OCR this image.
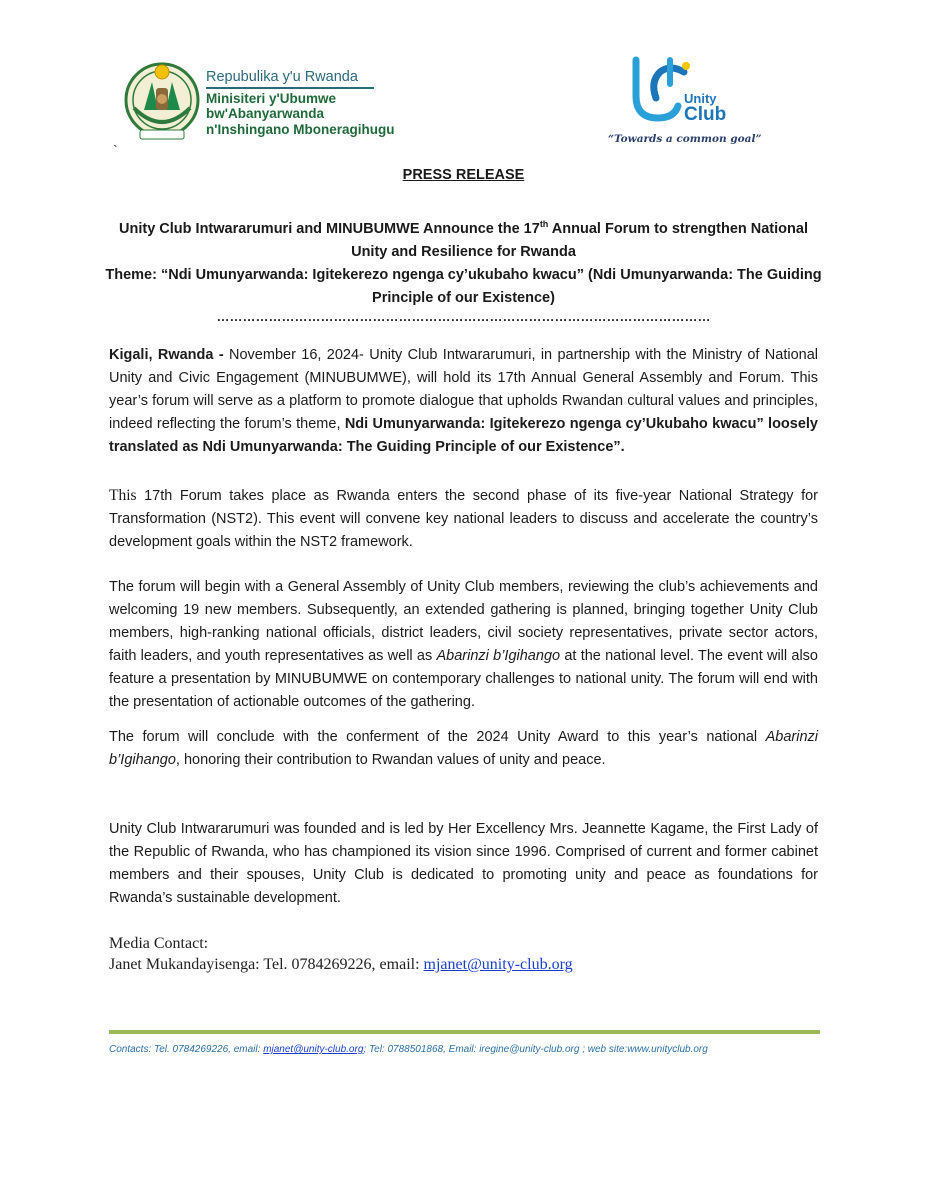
Repubulika y'u Rwanda
Minisiteri y'Ubumwe bw'Abanyarwanda
n'Inshingano Mboneragihugu
`
Unity
Club
“Towards a common goal”
PRESS RELEASE
Unity Club Intwararumuri and MINUBUMWE Announce the 17th Annual Forum to strengthen National Unity and Resilience for Rwanda
Theme: “Ndi Umunyarwanda: Igitekerezo ngenga cy’ukubaho kwacu” (Ndi Umunyarwanda: The Guiding Principle of our Existence)
……………………………………………………………………………………………………
Kigali, Rwanda - November 16, 2024- Unity Club Intwararumuri, in partnership with the Ministry of National Unity and Civic Engagement (MINUBUMWE), will hold its 17th Annual General Assembly and Forum. This year’s forum will serve as a platform to promote dialogue that upholds Rwandan cultural values and principles, indeed reflecting the forum’s theme, Ndi Umunyarwanda: Igitekerezo ngenga cy’Ukubaho kwacu” loosely translated as Ndi Umunyarwanda: The Guiding Principle of our Existence”.
This 17th Forum takes place as Rwanda enters the second phase of its five-year National Strategy for Transformation (NST2). This event will convene key national leaders to discuss and accelerate the country’s development goals within the NST2 framework.
The forum will begin with a General Assembly of Unity Club members, reviewing the club’s achievements and welcoming 19 new members. Subsequently, an extended gathering is planned, bringing together Unity Club members, high-ranking national officials, district leaders, civil society representatives, private sector actors, faith leaders, and youth representatives as well as Abarinzi b’Igihango at the national level. The event will also feature a presentation by MINUBUMWE on contemporary challenges to national unity. The forum will end with the presentation of actionable outcomes of the gathering.
The forum will conclude with the conferment of the 2024 Unity Award to this year’s national Abarinzi b’Igihango, honoring their contribution to Rwandan values of unity and peace.
Unity Club Intwararumuri was founded and is led by Her Excellency Mrs. Jeannette Kagame, the First Lady of the Republic of Rwanda, who has championed its vision since 1996. Comprised of current and former cabinet members and their spouses, Unity Club is dedicated to promoting unity and peace as foundations for Rwanda’s sustainable development.
Media Contact:
Janet Mukandayisenga: Tel. 0784269226, email: mjanet@unity-club.org
Contacts: Tel. 0784269226, email: mjanet@unity-club.org; Tel: 0788501868, Email: iregine@unity-club.org ; web site:www.unityclub.org
